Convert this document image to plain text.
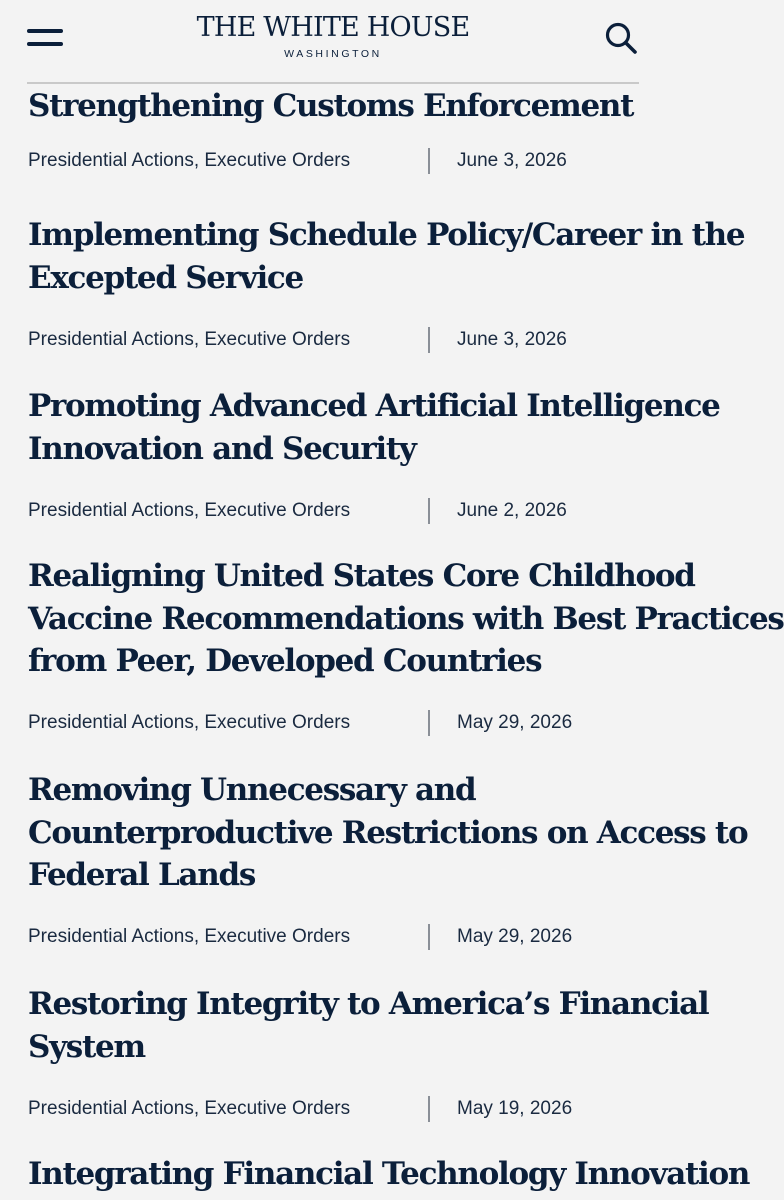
THE WHITE HOUSE
WASHINGTON
Strengthening Customs Enforcement
Presidential Actions, Executive Orders	June 3, 2026
Implementing Schedule Policy/Career in the
Excepted Service
Presidential Actions, Executive Orders	June 3, 2026
Promoting Advanced Artificial Intelligence
Innovation and Security
Presidential Actions, Executive Orders	June 2, 2026
Realigning United States Core Childhood
Vaccine Recommendations with Best Practices
from Peer, Developed Countries
Presidential Actions, Executive Orders	May 29, 2026
Removing Unnecessary and
Counterproductive Restrictions on Access to
Federal Lands
Presidential Actions, Executive Orders	May 29, 2026
Restoring Integrity to America’s Financial
System
Presidential Actions, Executive Orders	May 19, 2026
Integrating Financial Technology Innovation
